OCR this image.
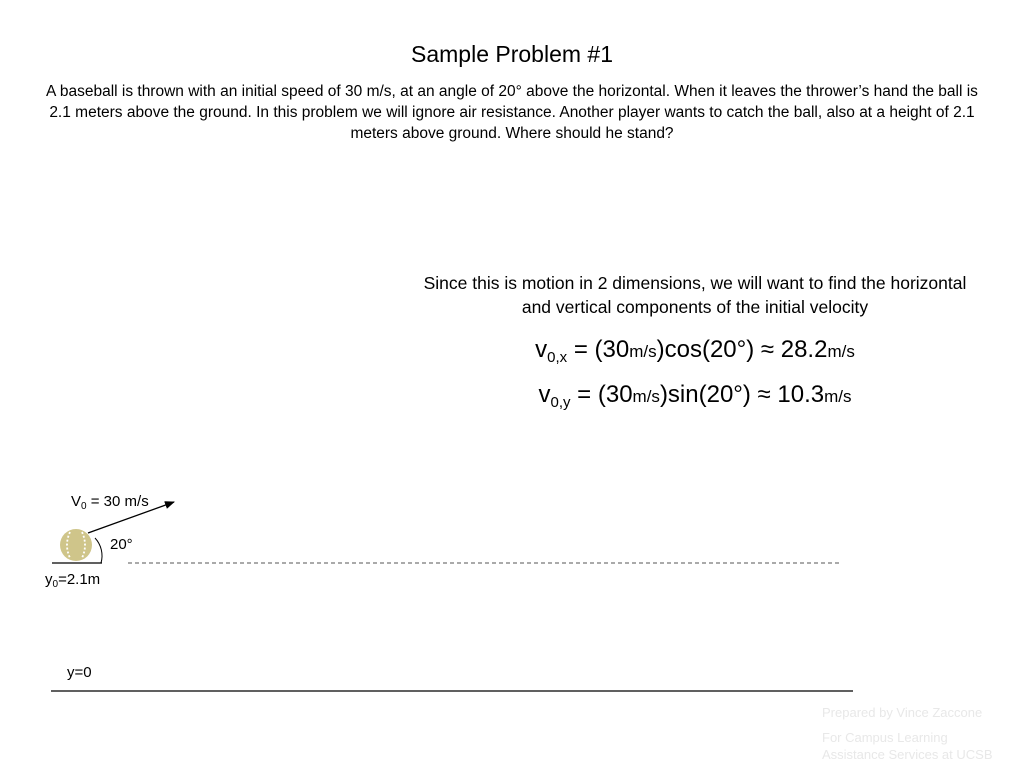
Sample Problem #1
A baseball is thrown with an initial speed of 30 m/s, at an angle of 20° above the horizontal. When it leaves the thrower’s hand the ball is 2.1 meters above the ground. In this problem we will ignore air resistance. Another player wants to catch the ball, also at a height of 2.1 meters above ground. Where should he stand?
Since this is motion in 2 dimensions, we will want to find the horizontal and vertical components of the initial velocity
$v_{0,x} = (30m/s)\cos(20^\circ) \approx 28.2m/s$
$v_{0,y} = (30m/s)\sin(20^\circ) \approx 10.3m/s$
$V_0 = 30$ m/s
20°
$y_0=2.1m$
y=0
Prepared by Vince Zaccone
For Campus Learning
Assistance Services at UCSB
